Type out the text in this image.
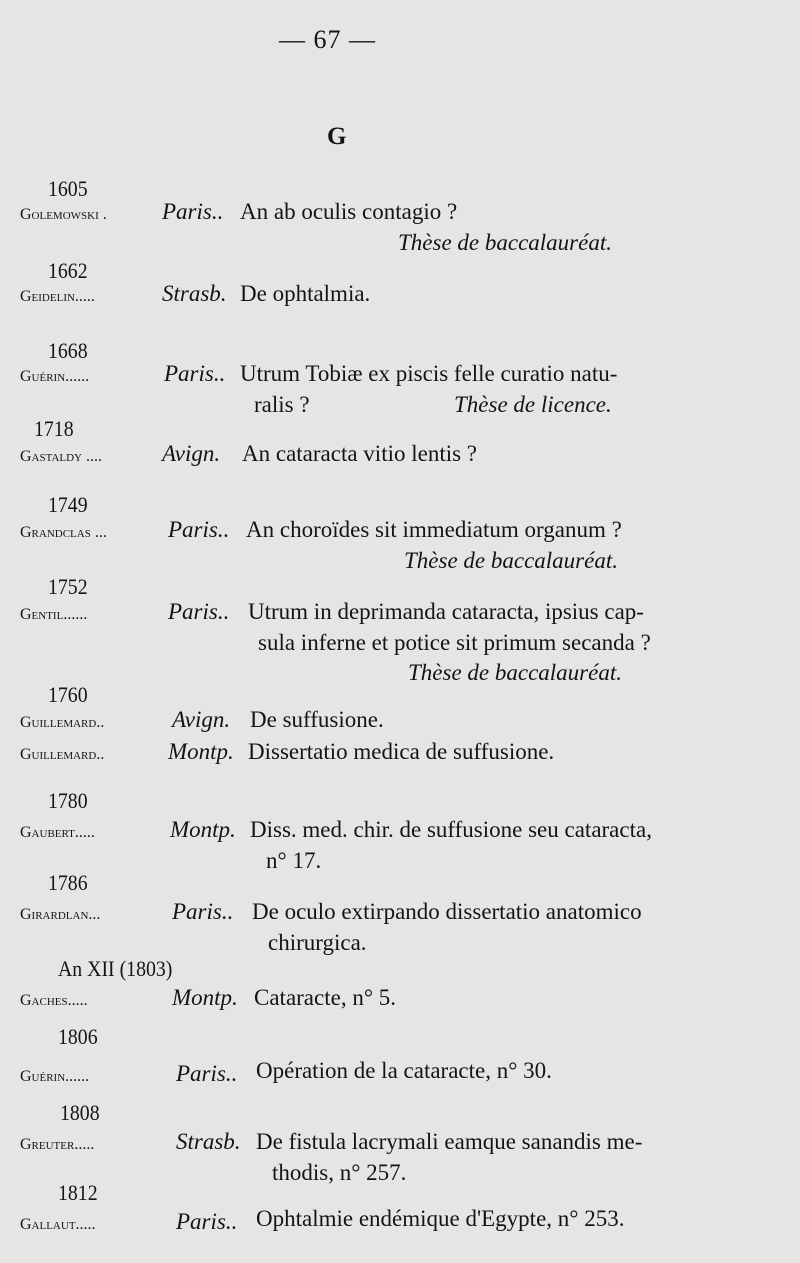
— 67 —
G
1605
Golemowski . Paris.. An ab oculis contagio ?
Thèse de baccalauréat.
1662
Geidelin.....	Strasb. De ophtalmia.
1668
Guérin......	Paris.. Utrum Tobiæ ex piscis felle curatio natu-
ralis ?	Thèse de licence.
1718
Gastaldy ....	Avign. An cataracta vitio lentis ?
1749
Grandclas ...	Paris.. An choroïdes sit immediatum organum ?
Thèse de baccalauréat.
1752
Gentil......	Paris.. Utrum in deprimanda cataracta, ipsius cap-
sula inferne et potice sit primum secanda ?
Thèse de baccalauréat.
1760
Guillemard..	Avign. De suffusione.
Guillemard..	Montp. Dissertatio medica de suffusione.
1780
Gaubert.....	Montp. Diss. med. chir. de suffusione seu cataracta,
n° 17.
1786
Girardlan...	Paris.. De oculo extirpando dissertatio anatomico
chirurgica.
An XII (1803)
Gaches.....	Montp. Cataracte, n° 5.
1806
Guérin......	Paris.. Opération de la cataracte, n° 30.
1808
Greuter.....	Strasb. De fistula lacrymali eamque sanandis me-
thodis, n° 257.
1812
Gallaut.....	Paris.. Ophtalmie endémique d'Egypte, n° 253.
